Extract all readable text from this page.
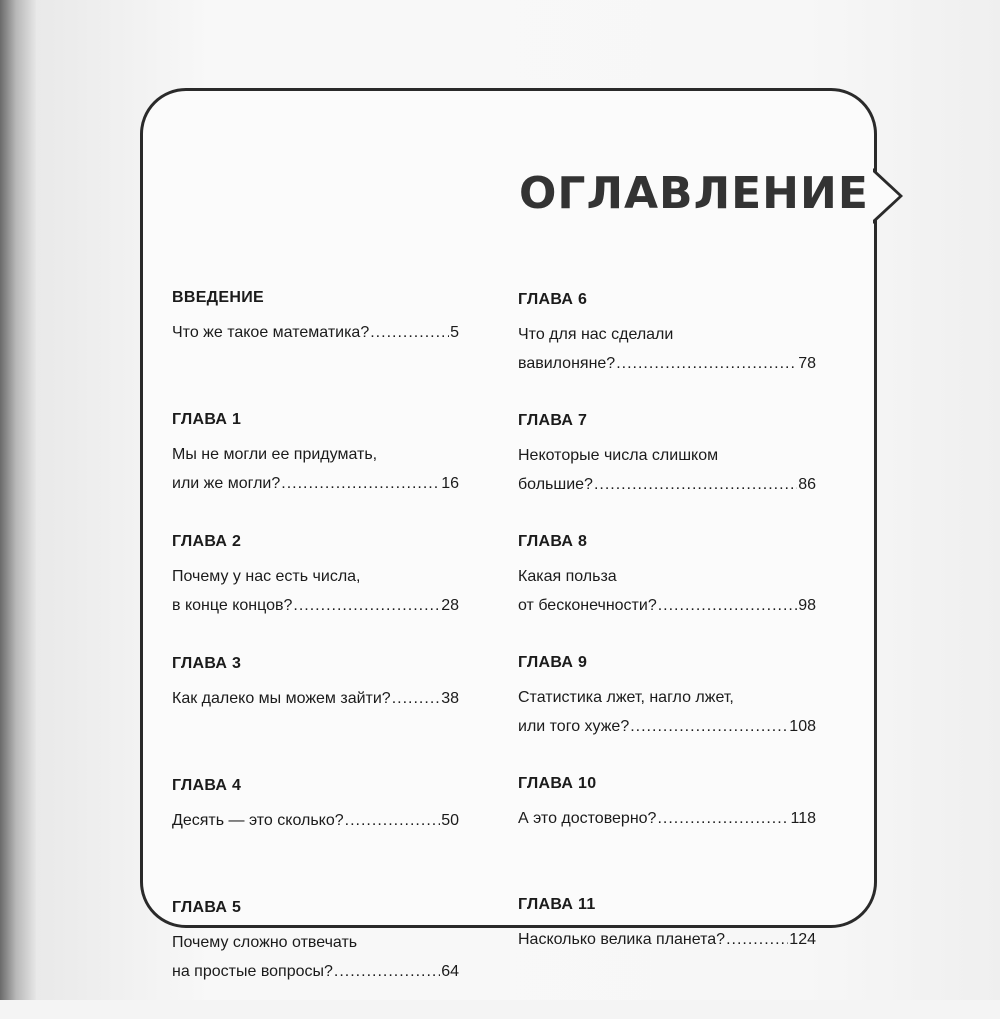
ОГЛАВЛЕНИЕ
ВВЕДЕНИЕ
Что же такое математика? .....	5
ГЛАВА 1
Мы не могли ее придумать,
или же могли? .....	16
ГЛАВА 2
Почему у нас есть числа,
в конце концов? .....	28
ГЛАВА 3
Как далеко мы можем зайти? .....	38
ГЛАВА 4
Десять — это сколько? .....	50
ГЛАВА 5
Почему сложно отвечать
на простые вопросы? .....	64
ГЛАВА 6
Что для нас сделали
вавилоняне? .....	78
ГЛАВА 7
Некоторые числа слишком
большие? .....	86
ГЛАВА 8
Какая польза
от бесконечности? .....	98
ГЛАВА 9
Статистика лжет, нагло лжет,
или того хуже? .....	108
ГЛАВА 10
А это достоверно? .....	118
ГЛАВА 11
Насколько велика планета? .....	124
